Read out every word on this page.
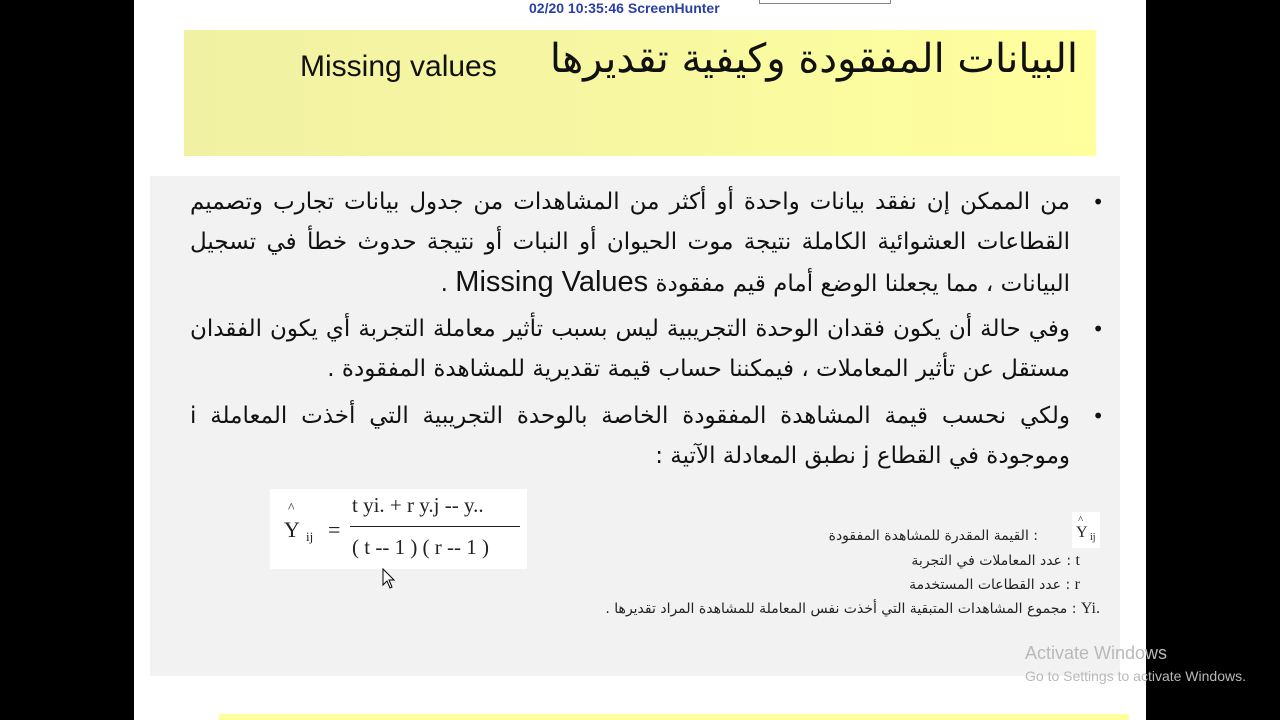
02/20 10:35:46 ScreenHunter
البيانات المفقودة وكيفية تقديرها
Missing values
• من الممكن إن نفقد بيانات واحدة أو أكثر من المشاهدات من جدول بيانات تجارب وتصميم القطاعات العشوائية الكاملة نتيجة موت الحيوان أو النبات أو نتيجة حدوث خطأ في تسجيل البيانات ، مما يجعلنا الوضع أمام قيم مفقودة Missing Values .
• وفي حالة أن يكون فقدان الوحدة التجريبية ليس بسبب تأثير معاملة التجربة أي يكون الفقدان مستقل عن تأثير المعاملات ، فيمكننا حساب قيمة تقديرية للمشاهدة المفقودة .
• ولكي نحسب قيمة المشاهدة المفقودة الخاصة بالوحدة التجريبية التي أخذت المعاملة i وموجودة في القطاع j نطبق المعادلة الآتية :
^
Y ij =
t yi. + r y.j -- y..
( t -- 1 ) ( r -- 1 )
^
Y ij
: القيمة المقدرة للمشاهدة المفقودة
t : عدد المعاملات في التجربة
r : عدد القطاعات المستخدمة
Yi. : مجموع المشاهدات المتبقية التي أخذت نفس المعاملة للمشاهدة المراد تقديرها .
Activate Windows
Go to Settings to activate Windows.
